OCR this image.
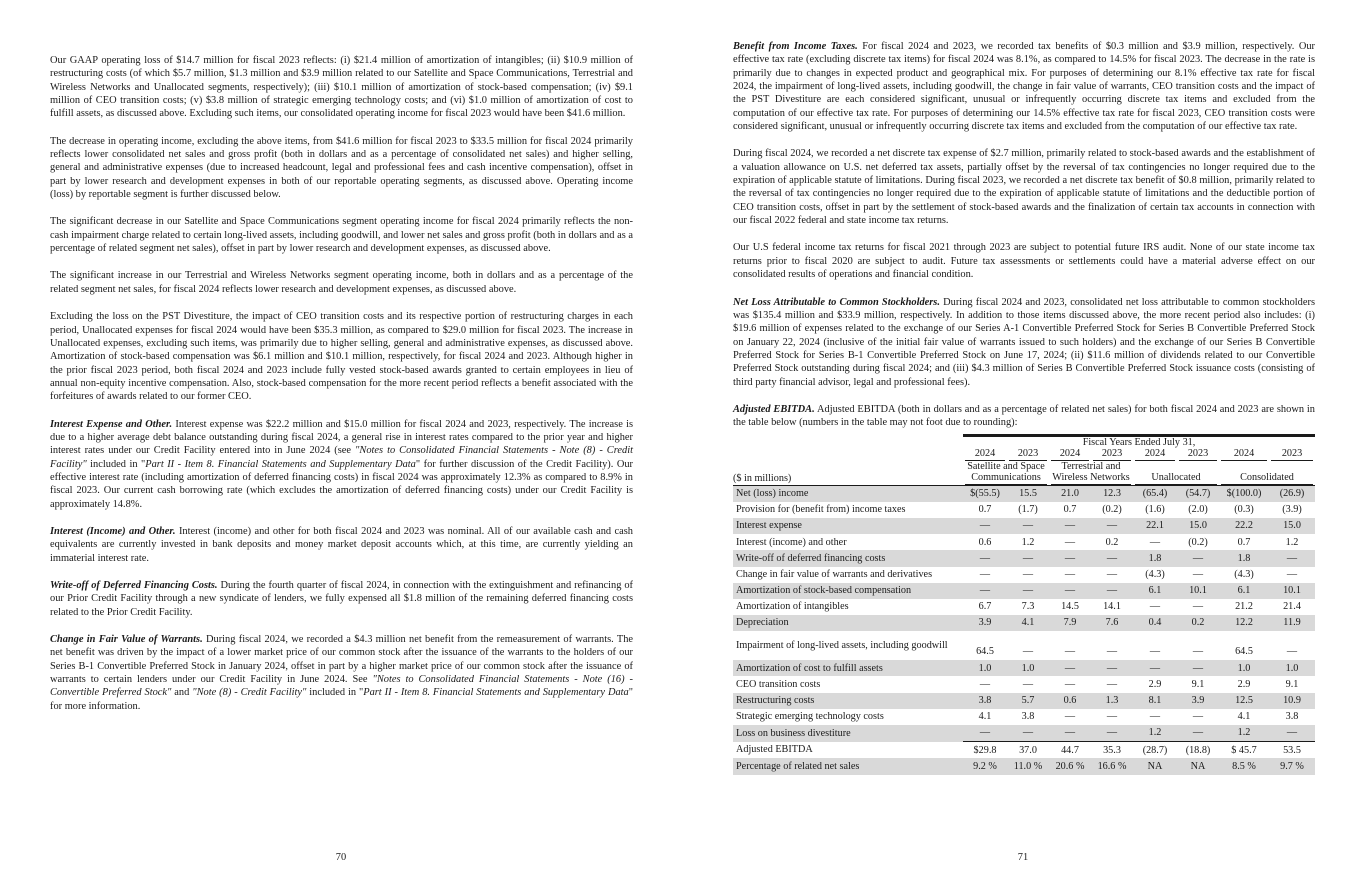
Our GAAP operating loss of $14.7 million for fiscal 2023 reflects: (i) $21.4 million of amortization of intangibles; (ii) $10.9 million of restructuring costs (of which $5.7 million, $1.3 million and $3.9 million related to our Satellite and Space Communications, Terrestrial and Wireless Networks and Unallocated segments, respectively); (iii) $10.1 million of amortization of stock-based compensation; (iv) $9.1 million of CEO transition costs; (v) $3.8 million of strategic emerging technology costs; and (vi) $1.0 million of amortization of cost to fulfill assets, as discussed above. Excluding such items, our consolidated operating income for fiscal 2023 would have been $41.6 million.

The decrease in operating income, excluding the above items, from $41.6 million for fiscal 2023 to $33.5 million for fiscal 2024 primarily reflects lower consolidated net sales and gross profit (both in dollars and as a percentage of consolidated net sales) and higher selling, general and administrative expenses (due to increased headcount, legal and professional fees and cash incentive compensation), offset in part by lower research and development expenses in both of our reportable operating segments, as discussed above. Operating income (loss) by reportable segment is further discussed below.

The significant decrease in our Satellite and Space Communications segment operating income for fiscal 2024 primarily reflects the non-cash impairment charge related to certain long-lived assets, including goodwill, and lower net sales and gross profit (both in dollars and as a percentage of related segment net sales), offset in part by lower research and development expenses, as discussed above.

The significant increase in our Terrestrial and Wireless Networks segment operating income, both in dollars and as a percentage of the related segment net sales, for fiscal 2024 reflects lower research and development expenses, as discussed above.

Excluding the loss on the PST Divestiture, the impact of CEO transition costs and its respective portion of restructuring charges in each period, Unallocated expenses for fiscal 2024 would have been $35.3 million, as compared to $29.0 million for fiscal 2023. The increase in Unallocated expenses, excluding such items, was primarily due to higher selling, general and administrative expenses, as discussed above. Amortization of stock-based compensation was $6.1 million and $10.1 million, respectively, for fiscal 2024 and 2023. Although higher in the prior fiscal 2023 period, both fiscal 2024 and 2023 include fully vested stock-based awards granted to certain employees in lieu of annual non-equity incentive compensation. Also, stock-based compensation for the more recent period reflects a benefit associated with the forfeitures of awards related to our former CEO.

Interest Expense and Other. Interest expense was $22.2 million and $15.0 million for fiscal 2024 and 2023, respectively. The increase is due to a higher average debt balance outstanding during fiscal 2024, a general rise in interest rates compared to the prior year and higher interest rates under our Credit Facility entered into in June 2024 (see "Notes to Consolidated Financial Statements - Note (8) - Credit Facility" included in "Part II - Item 8. Financial Statements and Supplementary Data" for further discussion of the Credit Facility). Our effective interest rate (including amortization of deferred financing costs) in fiscal 2024 was approximately 12.3% as compared to 8.9% in fiscal 2023. Our current cash borrowing rate (which excludes the amortization of deferred financing costs) under our Credit Facility is approximately 14.8%.

Interest (Income) and Other. Interest (income) and other for both fiscal 2024 and 2023 was nominal. All of our available cash and cash equivalents are currently invested in bank deposits and money market deposit accounts which, at this time, are currently yielding an immaterial interest rate.

Write-off of Deferred Financing Costs. During the fourth quarter of fiscal 2024, in connection with the extinguishment and refinancing of our Prior Credit Facility through a new syndicate of lenders, we fully expensed all $1.8 million of the remaining deferred financing costs related to the Prior Credit Facility.

Change in Fair Value of Warrants. During fiscal 2024, we recorded a $4.3 million net benefit from the remeasurement of warrants. The net benefit was driven by the impact of a lower market price of our common stock after the issuance of the warrants to the holders of our Series B-1 Convertible Preferred Stock in January 2024, offset in part by a higher market price of our common stock after the issuance of warrants to certain lenders under our Credit Facility in June 2024. See "Notes to Consolidated Financial Statements - Note (16) - Convertible Preferred Stock" and "Note (8) - Credit Facility" included in "Part II - Item 8. Financial Statements and Supplementary Data" for more information.

70

Benefit from Income Taxes. For fiscal 2024 and 2023, we recorded tax benefits of $0.3 million and $3.9 million, respectively. Our effective tax rate (excluding discrete tax items) for fiscal 2024 was 8.1%, as compared to 14.5% for fiscal 2023. The decrease in the rate is primarily due to changes in expected product and geographical mix. For purposes of determining our 8.1% effective tax rate for fiscal 2024, the impairment of long-lived assets, including goodwill, the change in fair value of warrants, CEO transition costs and the impact of the PST Divestiture are each considered significant, unusual or infrequently occurring discrete tax items and excluded from the computation of our effective tax rate. For purposes of determining our 14.5% effective tax rate for fiscal 2023, CEO transition costs were considered significant, unusual or infrequently occurring discrete tax items and excluded from the computation of our effective tax rate.

During fiscal 2024, we recorded a net discrete tax expense of $2.7 million, primarily related to stock-based awards and the establishment of a valuation allowance on U.S. net deferred tax assets, partially offset by the reversal of tax contingencies no longer required due to the expiration of applicable statute of limitations. During fiscal 2023, we recorded a net discrete tax benefit of $0.8 million, primarily related to the reversal of tax contingencies no longer required due to the expiration of applicable statute of limitations and the deductible portion of CEO transition costs, offset in part by the settlement of stock-based awards and the finalization of certain tax accounts in connection with our fiscal 2022 federal and state income tax returns.

Our U.S federal income tax returns for fiscal 2021 through 2023 are subject to potential future IRS audit. None of our state income tax returns prior to fiscal 2020 are subject to audit. Future tax assessments or settlements could have a material adverse effect on our consolidated results of operations and financial condition.

Net Loss Attributable to Common Stockholders. During fiscal 2024 and 2023, consolidated net loss attributable to common stockholders was $135.4 million and $33.9 million, respectively. In addition to those items discussed above, the more recent period also includes: (i) $19.6 million of expenses related to the exchange of our Series A-1 Convertible Preferred Stock for Series B Convertible Preferred Stock on January 22, 2024 (inclusive of the initial fair value of warrants issued to such holders) and the exchange of our Series B Convertible Preferred Stock for Series B-1 Convertible Preferred Stock on June 17, 2024; (ii) $11.6 million of dividends related to our Convertible Preferred Stock outstanding during fiscal 2024; and (iii) $4.3 million of Series B Convertible Preferred Stock issuance costs (consisting of third party financial advisor, legal and professional fees).

Adjusted EBITDA. Adjusted EBITDA (both in dollars and as a percentage of related net sales) for both fiscal 2024 and 2023 are shown in the table below (numbers in the table may not foot due to rounding):

	Fiscal Years Ended July 31,							

	2024	2023	2024	2023	2024	2023	2024	2023

($ in millions)	Satellite and Space Communications		Terrestrial and Wireless Networks		Unallocated		Consolidated	

Net (loss) income	$(55.5)	15.5	21.0	12.3	(65.4)	(54.7)	$(100.0)	(26.9)
Provision for (benefit from) income taxes	0.7	(1.7)	0.7	(0.2)	(1.6)	(2.0)	(0.3)	(3.9)
Interest expense	—	—	—	—	22.1	15.0	22.2	15.0
Interest (income) and other	0.6	1.2	—	0.2	—	(0.2)	0.7	1.2
Write-off of deferred financing costs	—	—	—	—	1.8	—	1.8	—
Change in fair value of warrants and derivatives	—	—	—	—	(4.3)	—	(4.3)	—
Amortization of stock-based compensation	—	—	—	—	6.1	10.1	6.1	10.1
Amortization of intangibles	6.7	7.3	14.5	14.1	—	—	21.2	21.4
Depreciation	3.9	4.1	7.9	7.6	0.4	0.2	12.2	11.9
Impairment of long-lived assets, including goodwill	64.5	—	—	—	—	—	64.5	—
Amortization of cost to fulfill assets	1.0	1.0	—	—	—	—	1.0	1.0
CEO transition costs	—	—	—	—	2.9	9.1	2.9	9.1
Restructuring costs	3.8	5.7	0.6	1.3	8.1	3.9	12.5	10.9
Strategic emerging technology costs	4.1	3.8	—	—	—	—	4.1	3.8
Loss on business divestiture	—	—	—	—	1.2	—	1.2	—
Adjusted EBITDA	$29.8	37.0	44.7	35.3	(28.7)	(18.8)	$ 45.7	53.5
Percentage of related net sales	9.2 %	11.0 %	20.6 %	16.6 %	NA	NA	8.5 %	9.7 %
71
